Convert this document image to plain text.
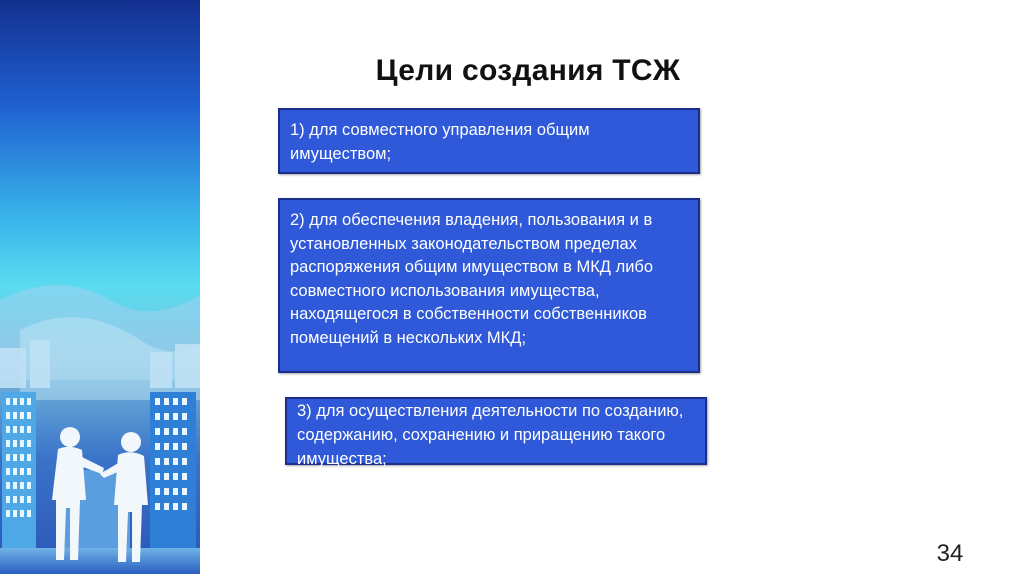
Цели создания ТСЖ
1) для совместного управления общим имуществом;
2) для обеспечения владения, пользования и в установленных законодательством пределах распоряжения общим имуществом в МКД либо совместного использования имущества, находящегося в собственности собственников помещений в нескольких МКД;
3) для осуществления деятельности по созданию, содержанию, сохранению и приращению такого имущества;
34
